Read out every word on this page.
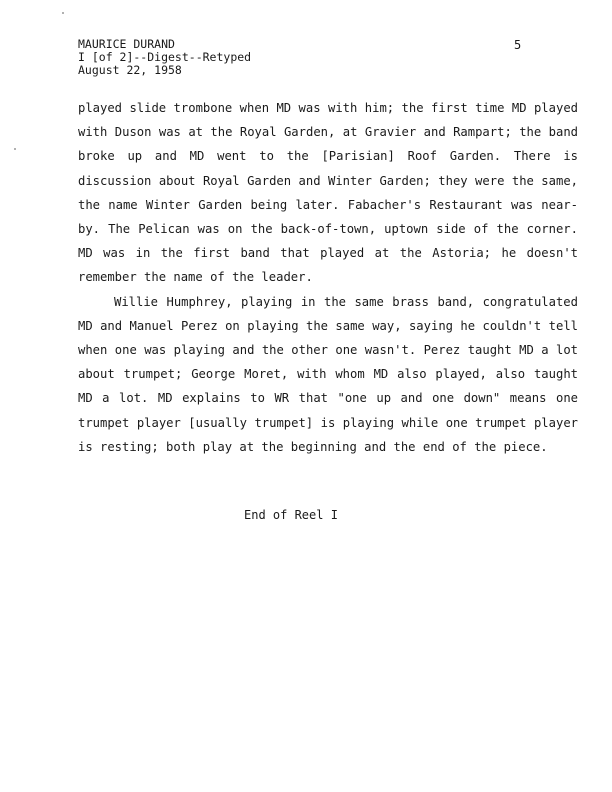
MAURICE DURAND
I [of 2]--Digest--Retyped
August 22, 1958
5

played slide trombone when MD was with him; the first time MD played with Duson was at the Royal Garden, at Gravier and Rampart; the band broke up and MD went to the [Parisian] Roof Garden. There is discussion about Royal Garden and Winter Garden; they were the same, the name Winter Garden being later. Fabacher's Restaurant was near-by. The Pelican was on the back-of-town, uptown side of the corner. MD was in the first band that played at the Astoria; he doesn't remember the name of the leader.

Willie Humphrey, playing in the same brass band, congratulated MD and Manuel Perez on playing the same way, saying he couldn't tell when one was playing and the other one wasn't. Perez taught MD a lot about trumpet; George Moret, with whom MD also played, also taught MD a lot. MD explains to WR that "one up and one down" means one trumpet player [usually trumpet] is playing while one trumpet player is resting; both play at the beginning and the end of the piece.

End of Reel I
